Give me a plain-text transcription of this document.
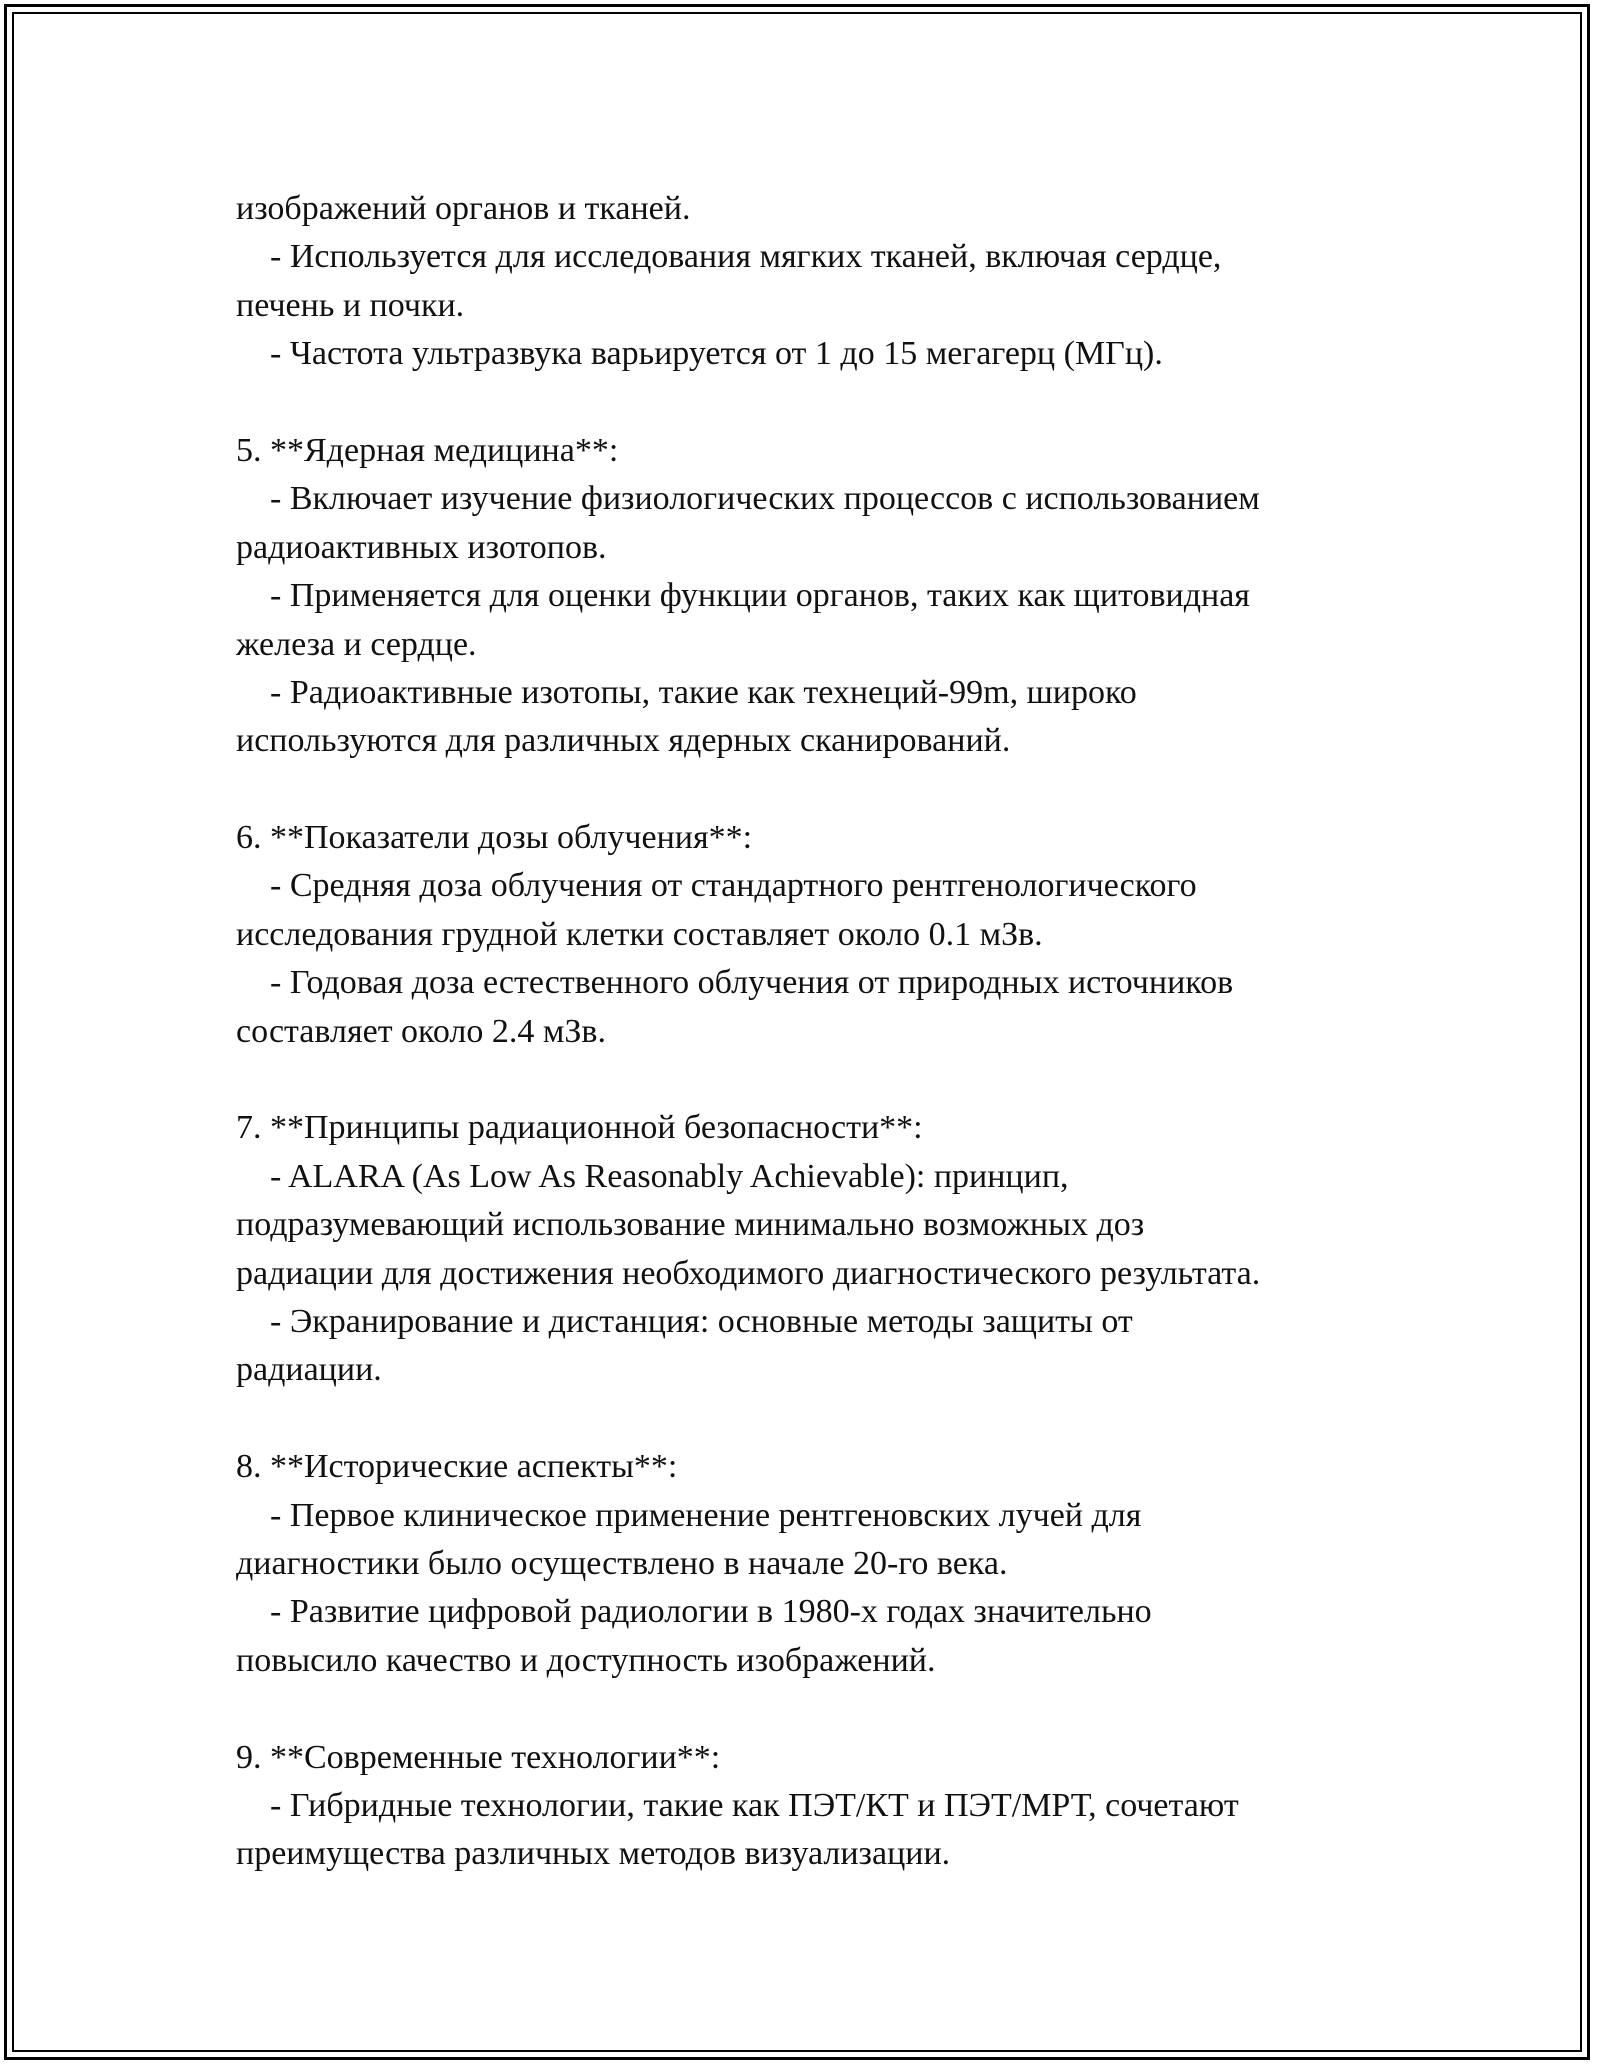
изображений органов и тканей.
- Используется для исследования мягких тканей, включая сердце,
печень и почки.
- Частота ультразвука варьируется от 1 до 15 мегагерц (МГц).
5. **Ядерная медицина**:
- Включает изучение физиологических процессов с использованием
радиоактивных изотопов.
- Применяется для оценки функции органов, таких как щитовидная
железа и сердце.
- Радиоактивные изотопы, такие как технеций-99m, широко
используются для различных ядерных сканирований.
6. **Показатели дозы облучения**:
- Средняя доза облучения от стандартного рентгенологического
исследования грудной клетки составляет около 0.1 мЗв.
- Годовая доза естественного облучения от природных источников
составляет около 2.4 мЗв.
7. **Принципы радиационной безопасности**:
- ALARA (As Low As Reasonably Achievable): принцип,
подразумевающий использование минимально возможных доз
радиации для достижения необходимого диагностического результата.
- Экранирование и дистанция: основные методы защиты от
радиации.
8. **Исторические аспекты**:
- Первое клиническое применение рентгеновских лучей для
диагностики было осуществлено в начале 20-го века.
- Развитие цифровой радиологии в 1980-х годах значительно
повысило качество и доступность изображений.
9. **Современные технологии**:
- Гибридные технологии, такие как ПЭТ/КТ и ПЭТ/МРТ, сочетают
преимущества различных методов визуализации.
